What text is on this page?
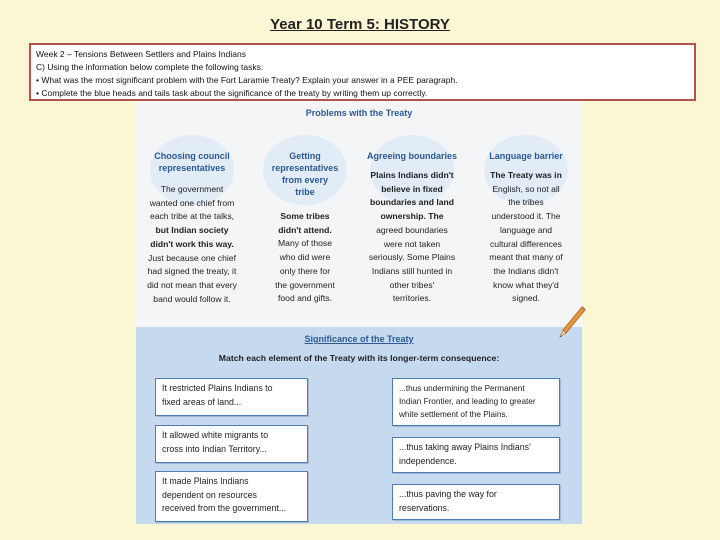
Year 10 Term 5: HISTORY
Week 2 – Tensions Between Settlers and Plains Indians
C) Using the information below complete the following tasks:
• What was the most significant problem with the Fort Laramie Treaty? Explain your answer in a PEE paragraph.
• Complete the blue heads and tails task about the significance of the treaty by writing them up correctly.
Problems with the Treaty
Choosing council
representatives
The government
wanted one chief from
each tribe at the talks,
but Indian society
didn't work this way.
Just because one chief
had signed the treaty, it
did not mean that every
band would follow it.
Getting
representatives
from every
tribe
Some tribes
didn't attend.
Many of those
who did were
only there for
the government
food and gifts.
Agreeing boundaries
Plains Indians didn't
believe in fixed
boundaries and land
ownership. The
agreed boundaries
were not taken
seriously. Some Plains
Indians still hunted in
other tribes'
territories.
Language barrier
The Treaty was in
English, so not all
the tribes
understood it. The
language and
cultural differences
meant that many of
the Indians didn't
know what they'd
signed.
Significance of the Treaty
Match each element of the Treaty with its longer-term consequence:
It restricted Plains Indians to
fixed areas of land...
It allowed white migrants to
cross into Indian Territory...
It made Plains Indians
dependent on resources
received from the government...
...thus undermining the Permanent
Indian Frontier, and leading to greater
white settlement of the Plains.
...thus taking away Plains Indians'
independence.
...thus paving the way for
reservations.
